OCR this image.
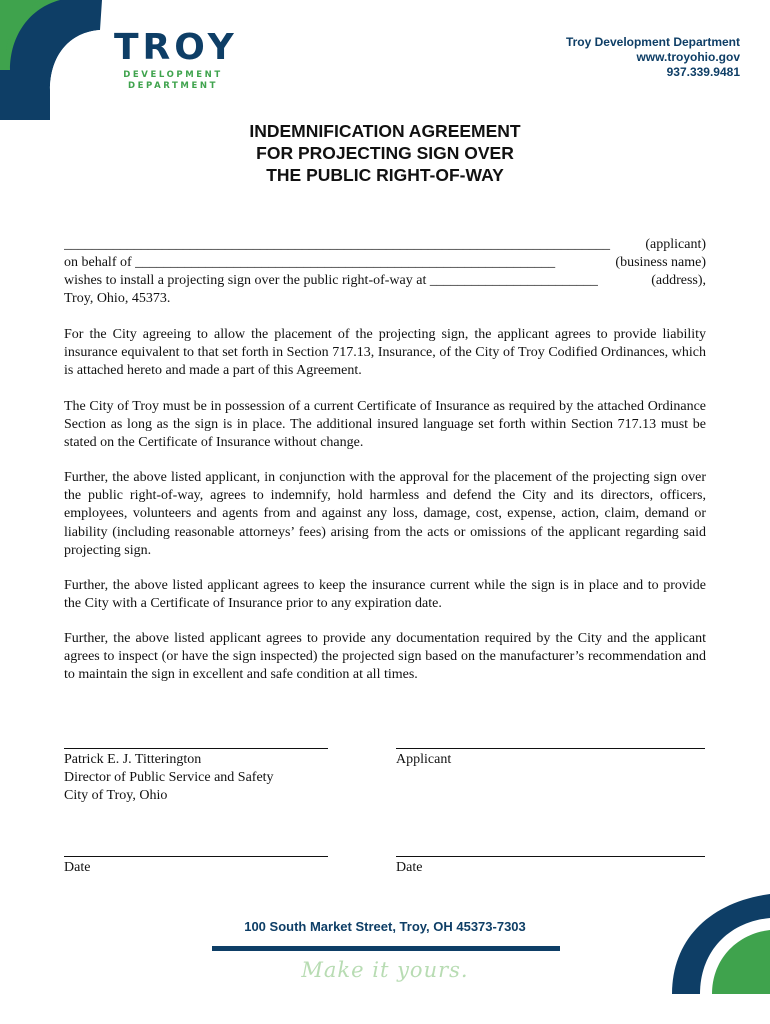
TROY
DEVELOPMENT
DEPARTMENT
Troy Development Department
www.troyohio.gov
937.339.9481
INDEMNIFICATION AGREEMENT
FOR PROJECTING SIGN OVER
THE PUBLIC RIGHT-OF-WAY
(applicant)
______________________________________________________________________________
(business name)
on behalf of ____________________________________________________________
(address),
wishes to install a projecting sign over the public right-of-way at ________________________
Troy, Ohio, 45373.
For the City agreeing to allow the placement of the projecting sign, the applicant agrees to provide liability insurance equivalent to that set forth in Section 717.13, Insurance, of the City of Troy Codified Ordinances, which is attached hereto and made a part of this Agreement.
The City of Troy must be in possession of a current Certificate of Insurance as required by the attached Ordinance Section as long as the sign is in place. The additional insured language set forth within Section 717.13 must be stated on the Certificate of Insurance without change.
Further, the above listed applicant, in conjunction with the approval for the placement of the projecting sign over the public right-of-way, agrees to indemnify, hold harmless and defend the City and its directors, officers, employees, volunteers and agents from and against any loss, damage, cost, expense, action, claim, demand or liability (including reasonable attorneys’ fees) arising from the acts or omissions of the applicant regarding said projecting sign.
Further, the above listed applicant agrees to keep the insurance current while the sign is in place and to provide the City with a Certificate of Insurance prior to any expiration date.
Further, the above listed applicant agrees to provide any documentation required by the City and the applicant agrees to inspect (or have the sign inspected) the projected sign based on the manufacturer’s recommendation and to maintain the sign in excellent and safe condition at all times.
Patrick E. J. Titterington
Director of Public Service and Safety
City of Troy, Ohio
Applicant
Date	Date
100 South Market Street, Troy, OH 45373-7303
Make it yours.
